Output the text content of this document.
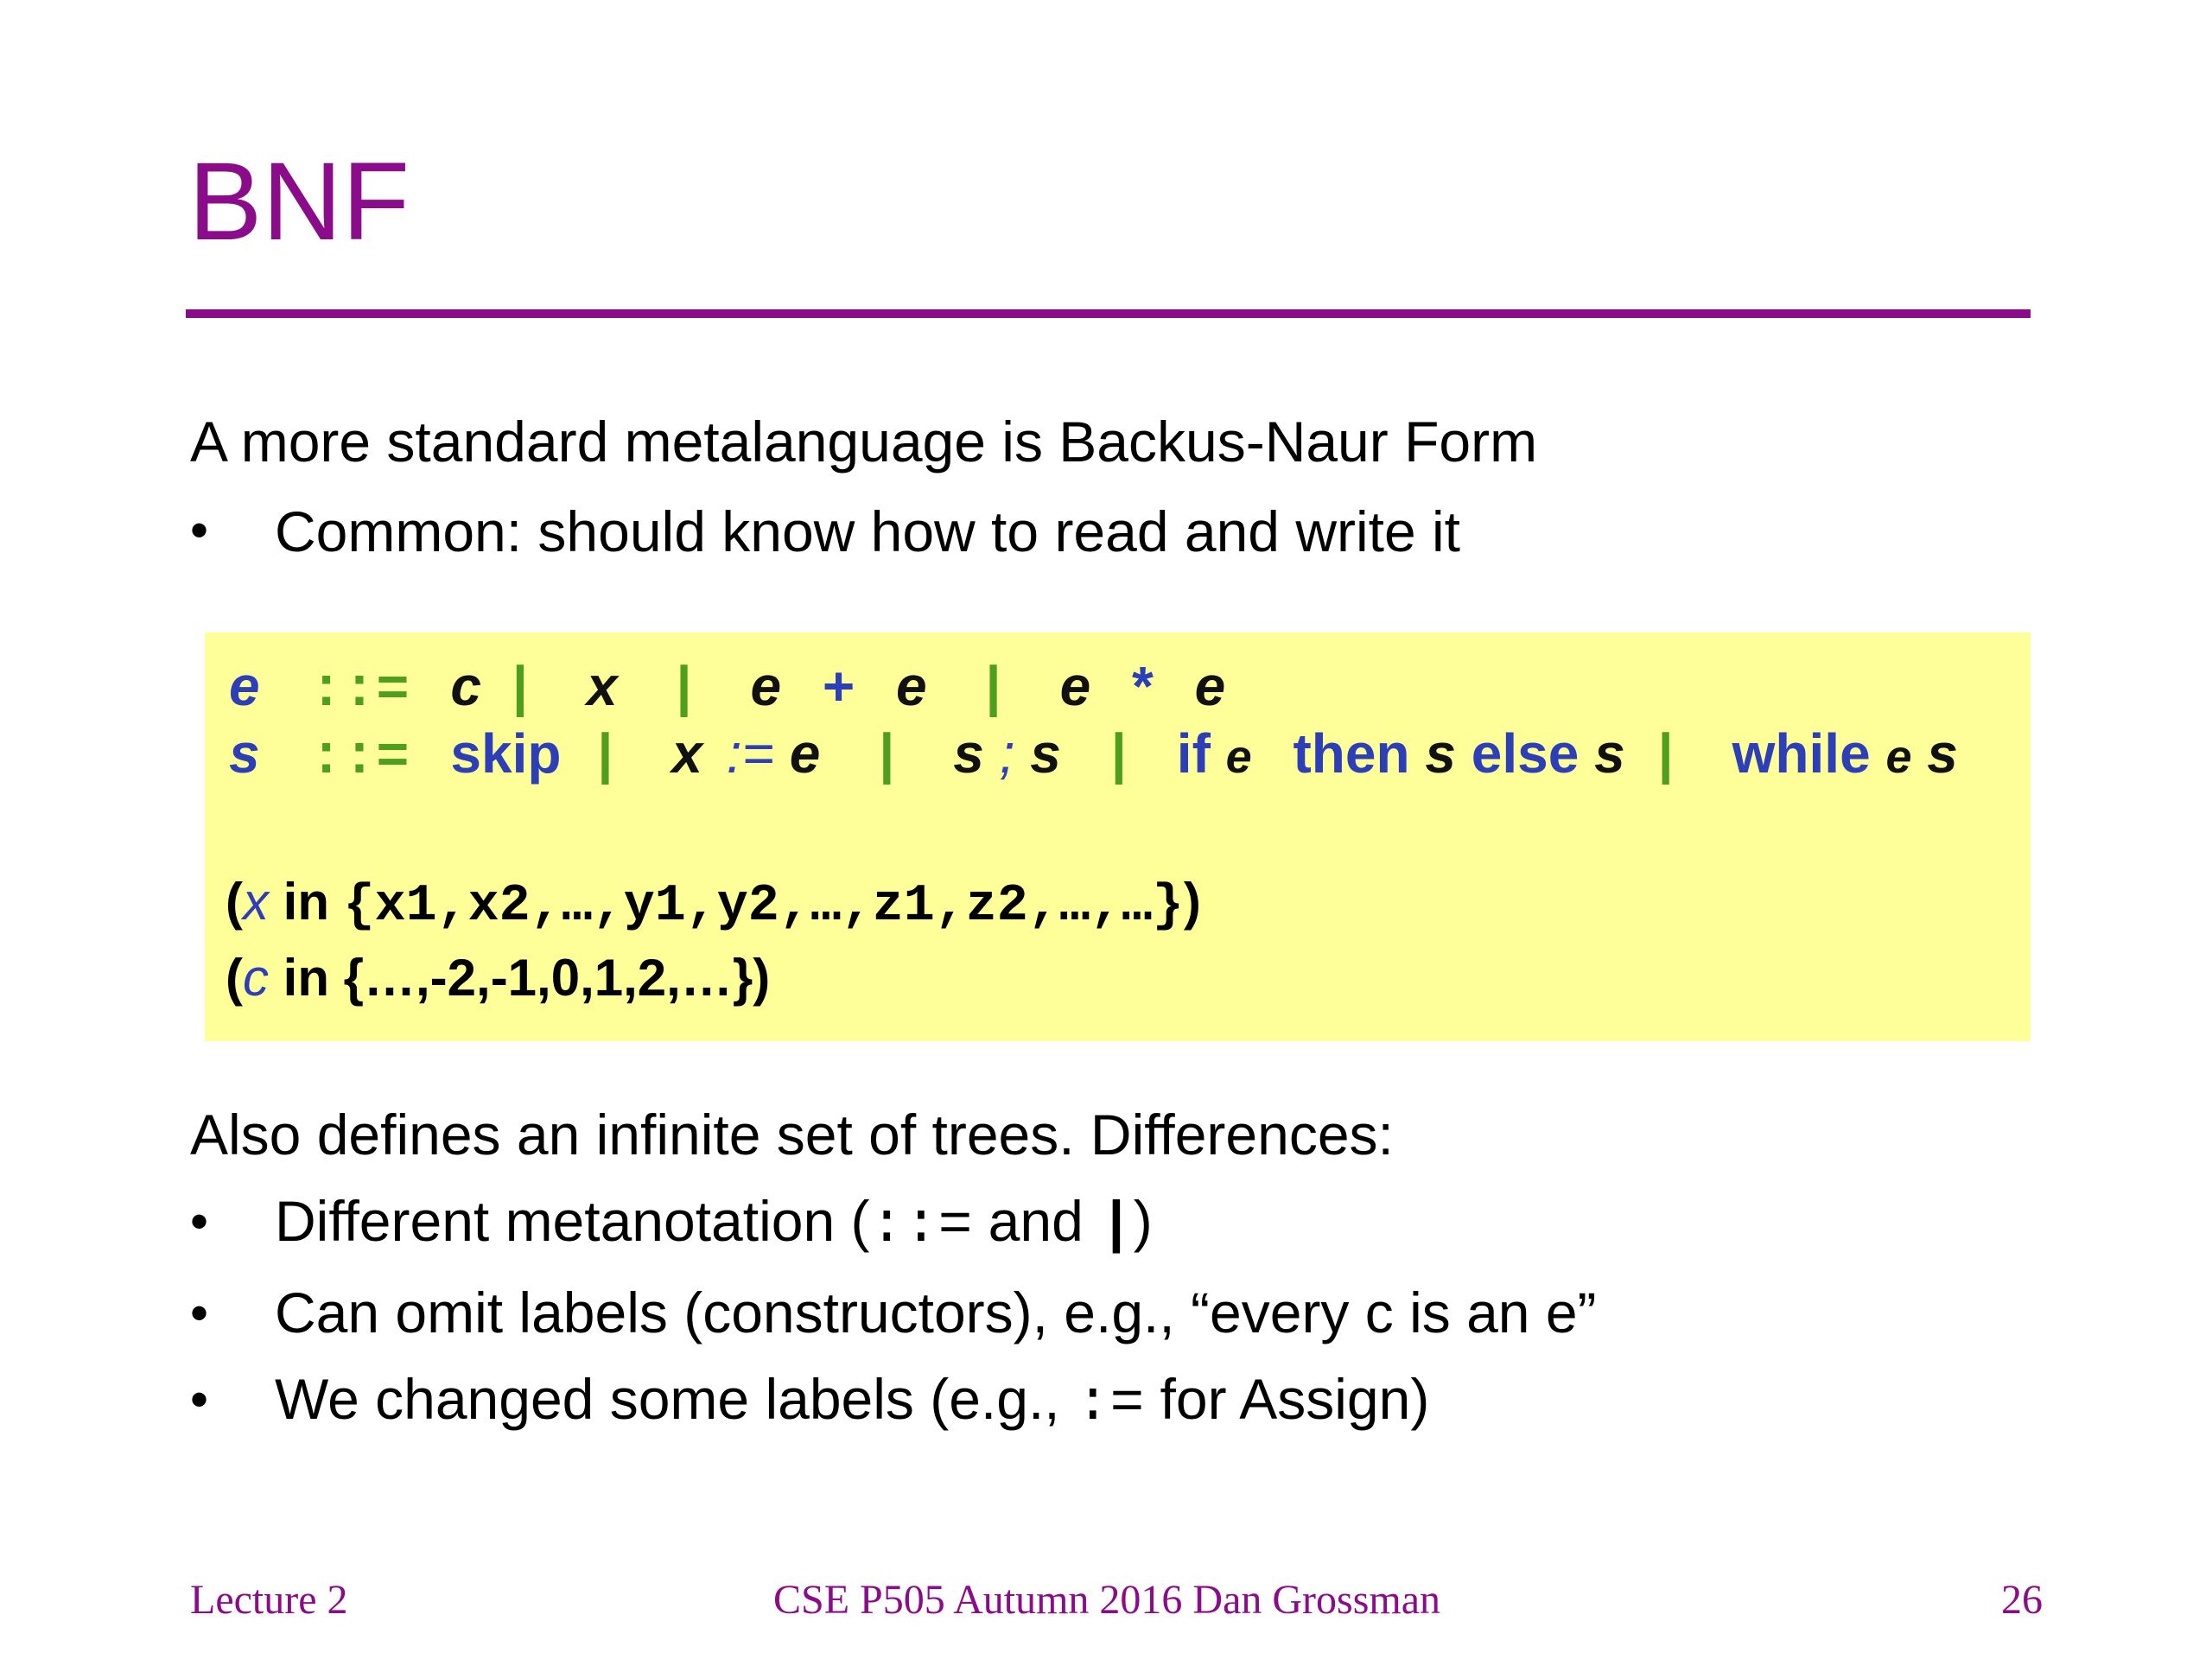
BNF
A more standard metalanguage is Backus-Naur Form
• Common: should know how to read and write it
e ::= c | x | e + e | e * e
s ::= skip | x := e | s ; s | if e then s else s | while e s
(x in {x1,x2,…,y1,y2,…,z1,z2,…,…})
(c in {…,-2,-1,0,1,2,…})
Also defines an infinite set of trees. Differences:
• Different metanotation (::= and |)
• Can omit labels (constructors), e.g., “every c is an e”
• We changed some labels (e.g., := for Assign)
Lecture 2	CSE P505 Autumn 2016 Dan Grossman	26
